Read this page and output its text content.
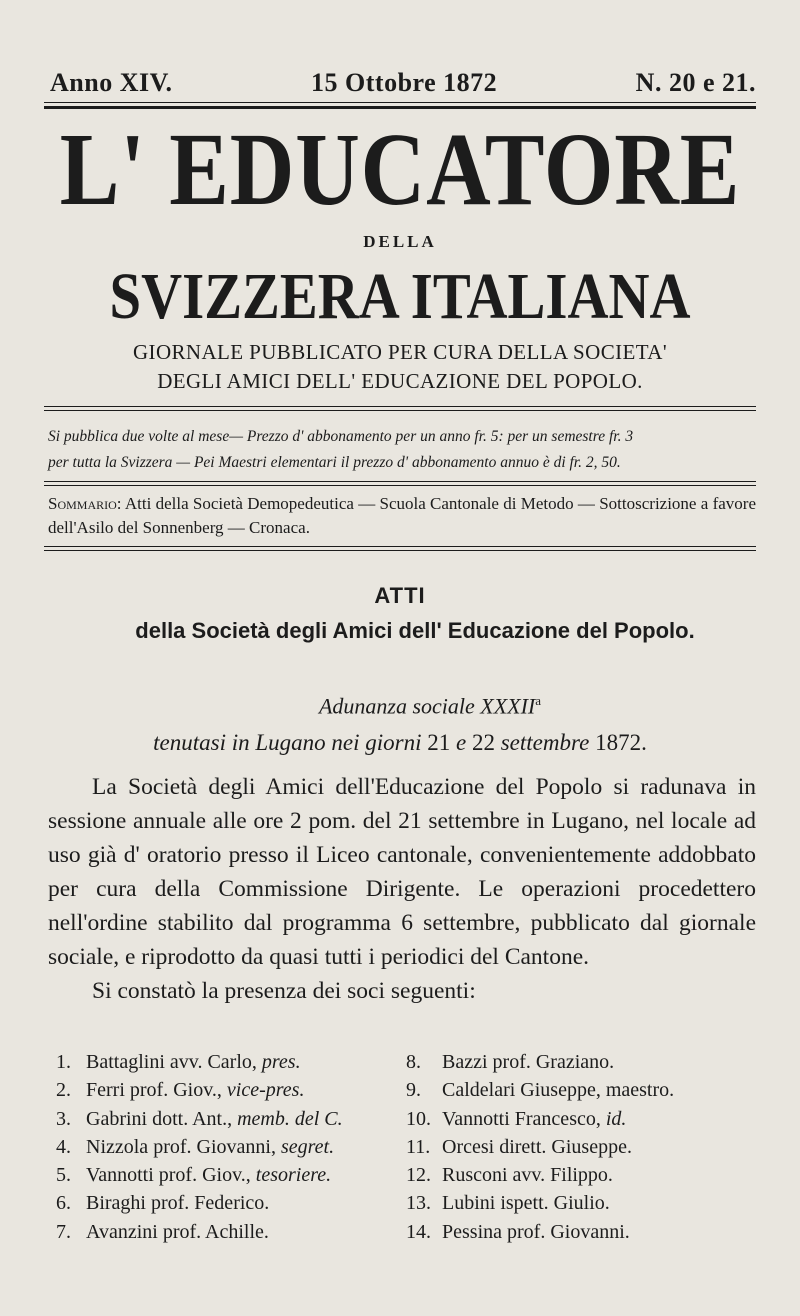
Anno XIV.	15 Ottobre 1872	N. 20 e 21.
L' EDUCATORE
DELLA
SVIZZERA ITALIANA
GIORNALE PUBBLICATO PER CURA DELLA SOCIETA'
DEGLI AMICI DELL' EDUCAZIONE DEL POPOLO.
Si pubblica due volte al mese— Prezzo d' abbonamento per un anno fr. 5: per un semestre fr. 3
per tutta la Svizzera — Pei Maestri elementari il prezzo d' abbonamento annuo è di fr. 2, 50.
Sommario: Atti della Società Demopedeutica — Scuola Cantonale di Metodo — Sottoscrizione a favore dell'Asilo del Sonnenberg — Cronaca.
ATTI
della Società degli Amici dell' Educazione del Popolo.
Adunanza sociale XXXII$^a$
tenutasi in Lugano nei giorni 21 e 22 settembre 1872.

La Società degli Amici dell'Educazione del Popolo si radunava in sessione annuale alle ore 2 pom. del 21 settembre in Lugano, nel locale ad uso già d' oratorio presso il Liceo cantonale, convenientemente addobbato per cura della Commissione Dirigente. Le operazioni procedettero nell'ordine stabilito dal programma 6 settembre, pubblicato dal giornale sociale, e riprodotto da quasi tutti i periodici del Cantone.

Si constatò la presenza dei soci seguenti:

1. Battaglini avv. Carlo, pres.
2. Ferri prof. Giov., vice-pres.
3. Gabrini dott. Ant., memb. del C.
4. Nizzola prof. Giovanni, segret.
5. Vannotti prof. Giov., tesoriere.
6. Biraghi prof. Federico.
7. Avanzini prof. Achille.
8. Bazzi prof. Graziano.
9. Caldelari Giuseppe, maestro.
10. Vannotti Francesco, id.
11. Orcesi dirett. Giuseppe.
12. Rusconi avv. Filippo.
13. Lubini ispett. Giulio.
14. Pessina prof. Giovanni.
